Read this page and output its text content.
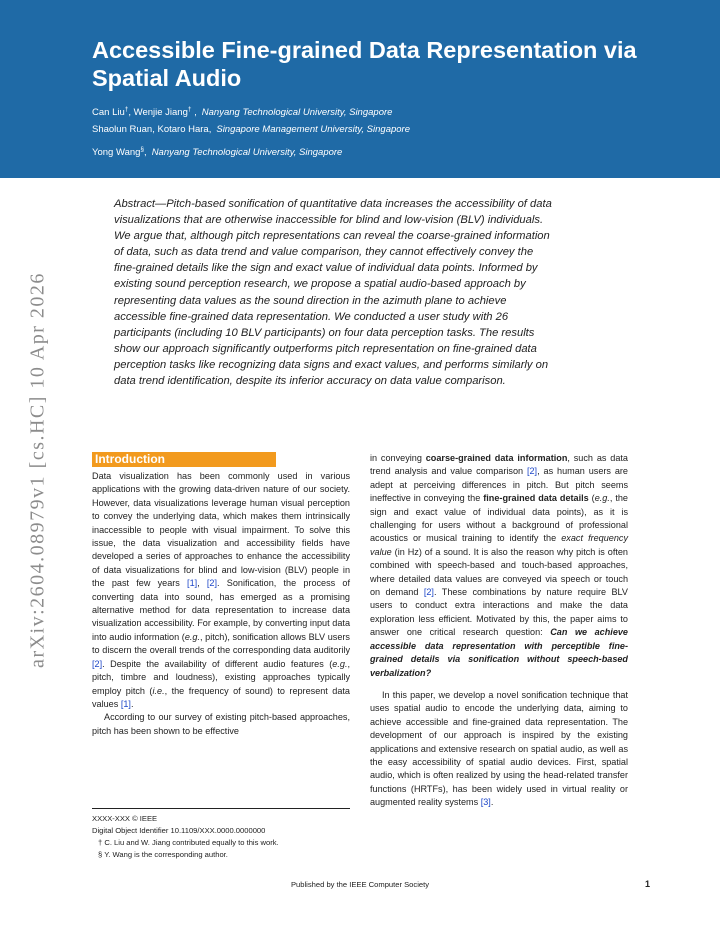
Accessible Fine-grained Data Representation via Spatial Audio
Can Liu†, Wenjie Jiang† , Nanyang Technological University, Singapore
Shaolun Ruan, Kotaro Hara, Singapore Management University, Singapore
Yong Wang§, Nanyang Technological University, Singapore
arXiv:2604.08979v1 [cs.HC] 10 Apr 2026

Abstract—Pitch-based sonification of quantitative data increases the accessibility of data visualizations that are otherwise inaccessible for blind and low-vision (BLV) individuals. We argue that, although pitch representations can reveal the coarse-grained information of data, such as data trend and value comparison, they cannot effectively convey the fine-grained details like the sign and exact value of individual data points. Informed by existing sound perception research, we propose a spatial audio-based approach by representing data values as the sound direction in the azimuth plane to achieve accessible fine-grained data representation. We conducted a user study with 26 participants (including 10 BLV participants) on four data perception tasks. The results show our approach significantly outperforms pitch representation on fine-grained data perception tasks like recognizing data signs and exact values, and performs similarly on data trend identification, despite its inferior accuracy on data value comparison.

Introduction

Data visualization has been commonly used in various applications with the growing data-driven nature of our society. However, data visualizations leverage human visual perception to convey the underlying data, which makes them intrinsically inaccessible to people with visual impairment. To solve this issue, the data visualization and accessibility fields have developed a series of approaches to enhance the accessibility of data visualizations for blind and low-vision (BLV) people in the past few years [1], [2]. Sonification, the process of converting data into sound, has emerged as a promising alternative method for data representation to increase data visualization accessibility. For example, by converting input data into audio information (e.g., pitch), sonification allows BLV users to discern the overall trends of the corresponding data auditorily [2]. Despite the availability of different audio features (e.g., pitch, timbre and loudness), existing approaches typically employ pitch (i.e., the frequency of sound) to represent data values [1].

According to our survey of existing pitch-based approaches, pitch has been shown to be effective

in conveying coarse-grained data information, such as data trend analysis and value comparison [2], as human users are adept at perceiving differences in pitch. But pitch seems ineffective in conveying the fine-grained data details (e.g., the sign and exact value of individual data points), as it is challenging for users without a background of professional acoustics or musical training to identify the exact frequency value (in Hz) of a sound. It is also the reason why pitch is often combined with speech-based and touch-based approaches, where detailed data values are conveyed via speech or touch on demand [2]. These combinations by nature require BLV users to conduct extra interactions and make the data exploration less efficient. Motivated by this, the paper aims to answer one critical research question: Can we achieve accessible data representation with perceptible fine-grained details via sonification without speech-based verbalization?

In this paper, we develop a novel sonification technique that uses spatial audio to encode the underlying data, aiming to achieve accessible and fine-grained data representation. The development of our approach is inspired by the existing applications and extensive research on spatial audio, as well as the easy accessibility of spatial audio devices. First, spatial audio, which is often realized by using the head-related transfer functions (HRTFs), has been widely used in virtual reality or augmented reality systems [3].

XXXX-XXX © IEEE
Digital Object Identifier 10.1109/XXX.0000.0000000
† C. Liu and W. Jiang contributed equally to this work.
§ Y. Wang is the corresponding author.
Published by the IEEE Computer Society	1
